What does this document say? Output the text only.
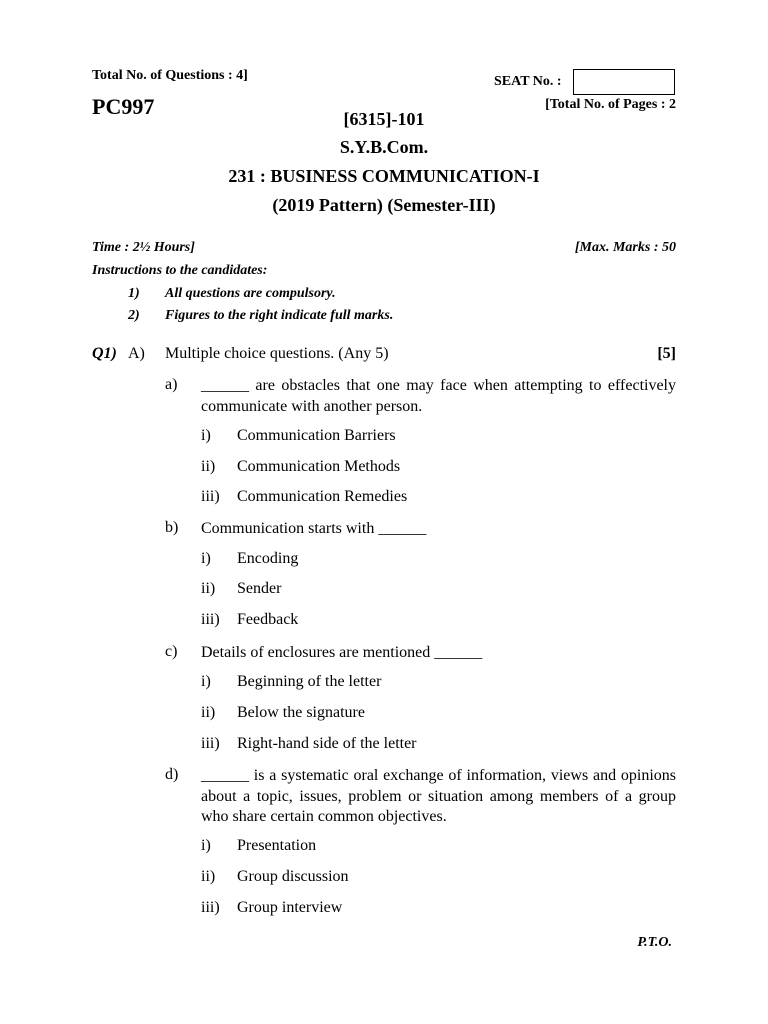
Total No. of Questions : 4]	SEAT No. :
PC997	[Total No. of Pages : 2
[6315]-101
S.Y.B.Com.
231 : BUSINESS COMMUNICATION-I
(2019 Pattern) (Semester-III)
Time : 2½ Hours]	[Max. Marks : 50
Instructions to the candidates:
1) All questions are compulsory.
2) Figures to the right indicate full marks.
Q1) A) Multiple choice questions. (Any 5)	[5]
a) ______ are obstacles that one may face when attempting to effectively communicate with another person.
i) Communication Barriers
ii) Communication Methods
iii) Communication Remedies
b) Communication starts with ______
i) Encoding
ii) Sender
iii) Feedback
c) Details of enclosures are mentioned ______
i) Beginning of the letter
ii) Below the signature
iii) Right-hand side of the letter
d) ______ is a systematic oral exchange of information, views and opinions about a topic, issues, problem or situation among members of a group who share certain common objectives.
i) Presentation
ii) Group discussion
iii) Group interview
P.T.O.
